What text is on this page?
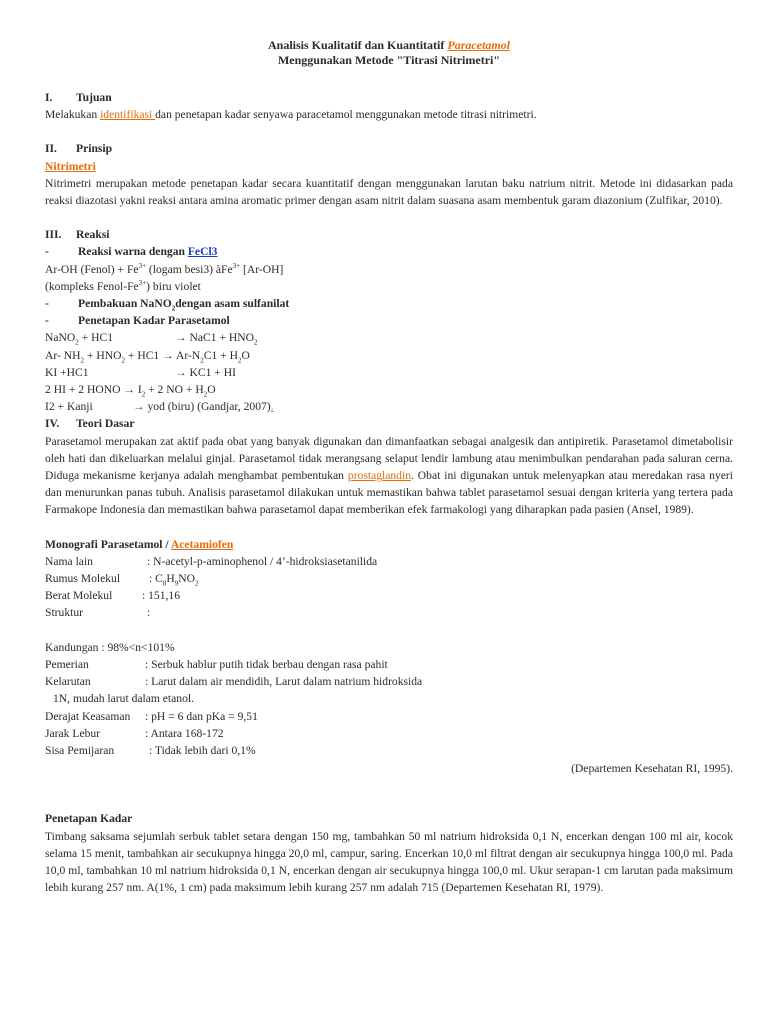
Analisis Kualitatif dan Kuantitatif Paracetamol
Menggunakan Metode "Titrasi Nitrimetri"
I. Tujuan
Melakukan identifikasi dan penetapan kadar senyawa paracetamol menggunakan metode titrasi nitrimetri.
II. Prinsip
Nitrimetri
Nitrimetri merupakan metode penetapan kadar secara kuantitatif dengan menggunakan larutan baku natrium nitrit. Metode ini didasarkan pada reaksi diazotasi yakni reaksi antara amina aromatic primer dengan asam nitrit dalam suasana asam membentuk garam diazonium (Zulfikar, 2010).
III. Reaksi
-	Reaksi warna dengan FeCl3
Ar-OH (Fenol) + $Fe^{3+}$ (logam besi3) àFe$^{3+}$ [Ar-OH]
(kompleks Fenol-$Fe^{3+}$) biru violet
-	Pembakuan NaNO$_2$dengan asam sulfanilat
-	Penetapan Kadar Parasetamol
NaNO$_2$ + HC1	→ $NaC1 + HNO_2$
Ar- $NH_2 + HNO_2 + HC1 \to Ar-N_2C1 + H_2O$
KI +HC1	→ KC1 + HI
2 HI + 2 HONO → $I_2 + 2$ NO + $H_2O$
I2 + Kanji	→ yod (biru) (Gandjar, 2007).
IV. Teori Dasar
Parasetamol merupakan zat aktif pada obat yang banyak digunakan dan dimanfaatkan sebagai analgesik dan antipiretik. Parasetamol dimetabolisir oleh hati dan dikeluarkan melalui ginjal. Parasetamol tidak merangsang selaput lendir lambung atau menimbulkan pendarahan pada saluran cerna. Diduga mekanisme kerjanya adalah menghambat pembentukan prostaglandin. Obat ini digunakan untuk melenyapkan atau meredakan rasa nyeri dan menurunkan panas tubuh. Analisis parasetamol dilakukan untuk memastikan bahwa tablet parasetamol sesuai dengan kriteria yang tertera pada Farmakope Indonesia dan memastikan bahwa parasetamol dapat memberikan efek farmakologi yang diharapkan pada pasien (Ansel, 1989).
Monografi Parasetamol / Acetamiofen
Nama lain	: N-acetyl-p-aminophenol / 4’-hidroksiasetanilida
Rumus Molekul : $C_8H_9NO_2$
Berat Molekul	: 151,16
Struktur	:
Kandungan : 98%<n<101%
Pemerian	: Serbuk hablur putih tidak berbau dengan rasa pahit
Kelarutan	: Larut dalam air mendidih, Larut dalam natrium hidroksida
1N, mudah larut dalam etanol.
Derajat Keasaman : pH = 6 dan pKa = 9,51
Jarak Lebur	: Antara 168-172
Sisa Pemijaran	: Tidak lebih dari 0,1%
(Departemen Kesehatan RI, 1995).
Penetapan Kadar
Timbang saksama sejumlah serbuk tablet setara dengan 150 mg, tambahkan 50 ml natrium hidroksida 0,1 N, encerkan dengan 100 ml air, kocok selama 15 menit, tambahkan air secukupnya hingga 20,0 ml, campur, saring. Encerkan 10,0 ml filtrat dengan air secukupnya hingga 100,0 ml. Pada 10,0 ml, tambahkan 10 ml natrium hidroksida 0,1 N, encerkan dengan air secukupnya hingga 100,0 ml. Ukur serapan-1 cm larutan pada maksimum lebih kurang 257 nm. A(1%, 1 cm) pada maksimum lebih kurang 257 nm adalah 715 (Departemen Kesehatan RI, 1979).
